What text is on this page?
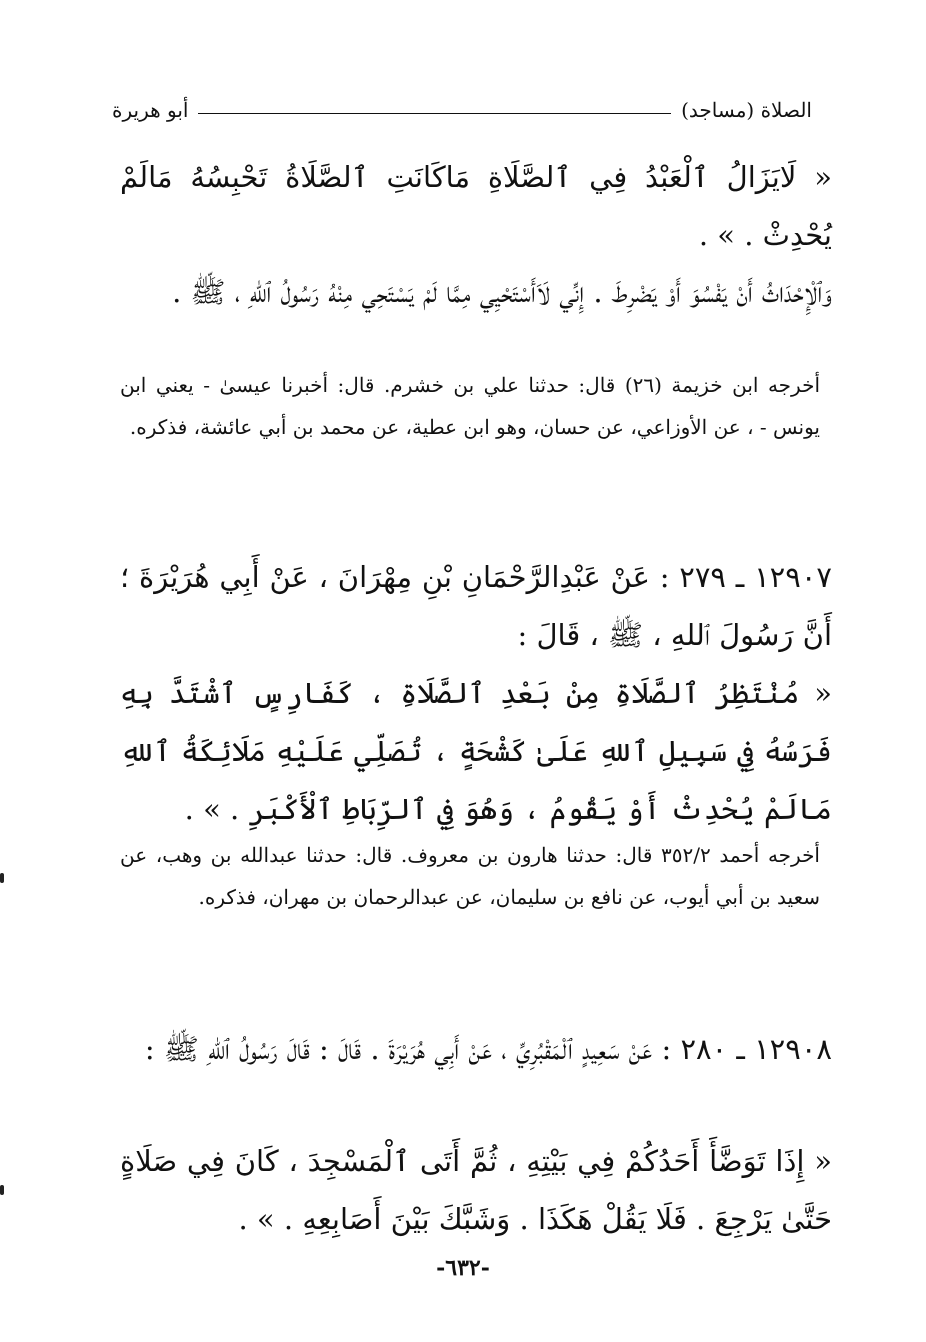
الصلاة (مساجد)
أبو هريرة

« لَايَزَالُ ٱلْعَبْدُ فِي ٱلصَّلَاةِ مَاكَانَتِ ٱلصَّلَاةُ تَحْبِسُهُ مَالَمْ يُحْدِثْ . » .

وَٱلْإِحْدَاثُ أَنْ يَفْسُوَ أَوْ يَضْرِطَ . إِنِّي لَاَأَسْتَحْيِي مِمَّا لَمْ يَسْتَحِي مِنْهُ رَسُولُ ٱللهِ ، ﷺ .

أخرجه ابن خزيمة (٢٦) قال: حدثنا علي بن خشرم. قال: أخبرنا عيسىٰ - يعني ابن يونس - ، عن الأوزاعي، عن حسان، وهو ابن عطية، عن محمد بن أبي عائشة، فذكره.

١٢٩٠٧ ـ ٢٧٩ : عَنْ عَبْدِالرَّحْمَانِ بْنِ مِهْرَانَ ، عَنْ أَبِي هُرَيْرَةَ ؛ أَنَّ رَسُولَ ٱللهِ ، ﷺ ، قَالَ :

« مُنْتَظِرُ ٱلصَّلَاةِ مِنْ بَعْدِ ٱلصَّلَاةِ ، كَفَارِسٍ ٱشْتَدَّ بِهِ فَرَسُهُ فِي سَبِيلِ ٱللهِ عَلَىٰ كَشْحَةٍ ، تُصَلِّي عَلَيْهِ مَلَائِكَةُ ٱللهِ مَالَمْ يُحْدِثْ أَوْ يَقُومُ ، وَهُوَ فِي ٱلرِّبَاطِ ٱلْأَكْبَرِ . » .

أخرجه أحمد ٣٥٢/٢ قال: حدثنا هارون بن معروف. قال: حدثنا عبدالله بن وهب، عن سعيد بن أبي أيوب، عن نافع بن سليمان، عن عبدالرحمان بن مهران، فذكره.

١٢٩٠٨ ـ ٢٨٠ : عَنْ سَعِيدٍ ٱلْمَقْبُرِيِّ ، عَنْ أَبِي هُرَيْرَةَ . قَالَ : قَالَ رَسُولُ ٱللهِ ﷺ :

« إِذَا تَوَضَّأَ أَحَدُكُمْ فِي بَيْتِهِ ، ثُمَّ أَتَى ٱلْمَسْجِدَ ، كَانَ فِي صَلَاةٍ حَتَّىٰ يَرْجِعَ . فَلَا يَقُلْ هَكَذَا . وَشَبَّكَ بَيْنَ أَصَابِعِهِ . » .

-٦٣٢-
